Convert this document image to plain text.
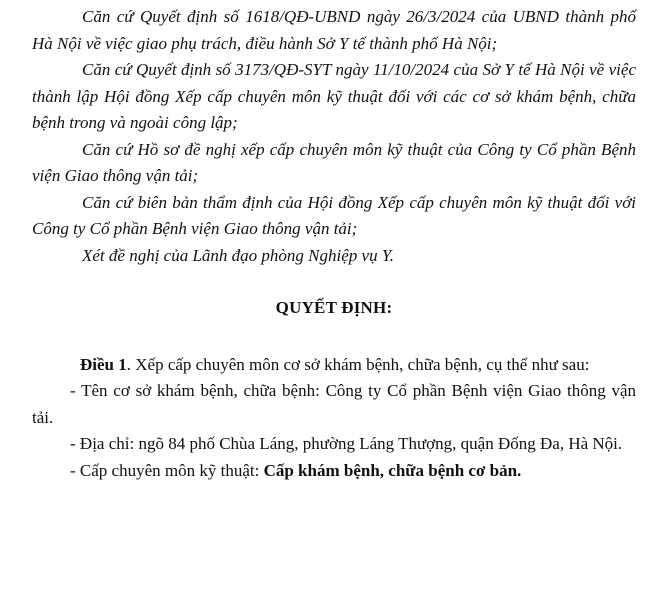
Căn cứ Quyết định số 1618/QĐ-UBND ngày 26/3/2024 của UBND thành phố Hà Nội về việc giao phụ trách, điều hành Sở Y tế thành phố Hà Nội;

Căn cứ Quyết định số 3173/QĐ-SYT ngày 11/10/2024 của Sở Y tế Hà Nội về việc thành lập Hội đồng Xếp cấp chuyên môn kỹ thuật đối với các cơ sở khám bệnh, chữa bệnh trong và ngoài công lập;

Căn cứ Hồ sơ đề nghị xếp cấp chuyên môn kỹ thuật của Công ty Cổ phần Bệnh viện Giao thông vận tải;

Căn cứ biên bản thẩm định của Hội đồng Xếp cấp chuyên môn kỹ thuật đối với Công ty Cổ phần Bệnh viện Giao thông vận tải;

Xét đề nghị của Lãnh đạo phòng Nghiệp vụ Y.

QUYẾT ĐỊNH:

Điều 1. Xếp cấp chuyên môn cơ sở khám bệnh, chữa bệnh, cụ thể như sau:

- Tên cơ sở khám bệnh, chữa bệnh: Công ty Cổ phần Bệnh viện Giao thông vận tải.

- Địa chỉ: ngõ 84 phố Chùa Láng, phường Láng Thượng, quận Đống Đa, Hà Nội.

- Cấp chuyên môn kỹ thuật: Cấp khám bệnh, chữa bệnh cơ bản.
